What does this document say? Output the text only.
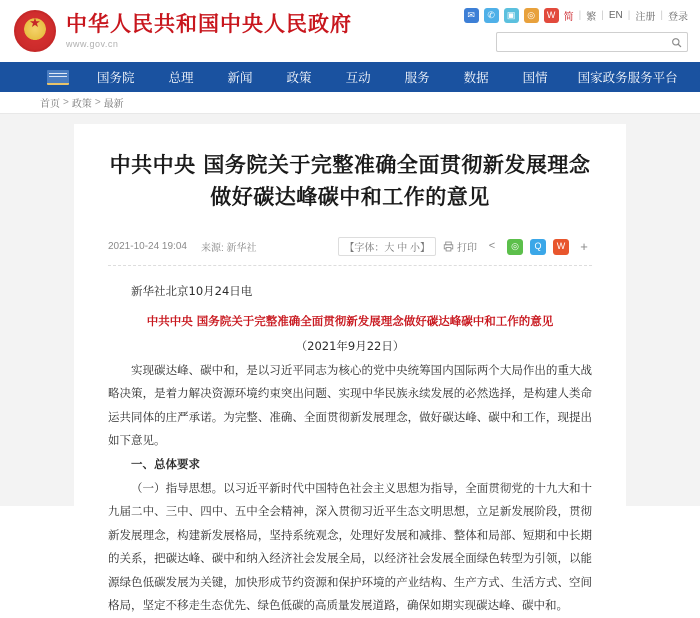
★
中华人民共和国中央人民政府
www.gov.cn
✉	✆	▣	◎	W 简 | 繁 | EN | 注册 | 登录
国务院	总理	新闻	政策	互动	服务	数据	国情	国家政务服务平台
首页 > 政策 > 最新
中共中央 国务院关于完整准确全面贯彻新发展理念做好碳达峰碳中和工作的意见
2021-10-24 19:04 来源: 新华社	【字体：大 中 小】	打印	<	◎	Q	W	+

新华社北京10月24日电

中共中央 国务院关于完整准确全面贯彻新发展理念做好碳达峰碳中和工作的意见

（2021年9月22日）

实现碳达峰、碳中和，是以习近平同志为核心的党中央统筹国内国际两个大局作出的重大战略决策，是着力解决资源环境约束突出问题、实现中华民族永续发展的必然选择，是构建人类命运共同体的庄严承诺。为完整、准确、全面贯彻新发展理念，做好碳达峰、碳中和工作，现提出如下意见。

一、总体要求

（一）指导思想。以习近平新时代中国特色社会主义思想为指导，全面贯彻党的十九大和十九届二中、三中、四中、五中全会精神，深入贯彻习近平生态文明思想，立足新发展阶段，贯彻新发展理念，构建新发展格局，坚持系统观念，处理好发展和减排、整体和局部、短期和中长期的关系，把碳达峰、碳中和纳入经济社会发展全局，以经济社会发展全面绿色转型为引领，以能源绿色低碳发展为关键，加快形成节约资源和保护环境的产业结构、生产方式、生活方式、空间格局，坚定不移走生态优先、绿色低碳的高质量发展道路，确保如期实现碳达峰、碳中和。
